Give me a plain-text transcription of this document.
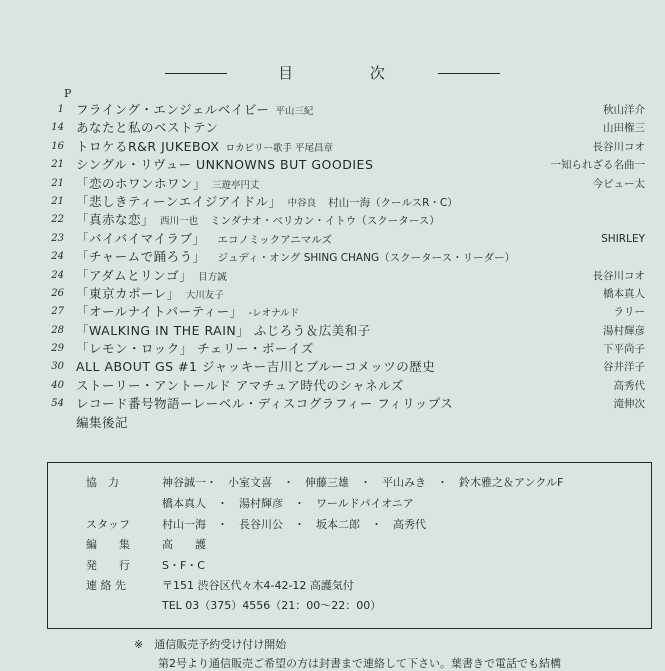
目	次
P
1 フライング・エンジェルベイビー 平山三紀	秋山洋介
14 あなたと私のベストテン	山田権三
16 トロケるR&R JUKEBOX ロカビリー歌手 平尾昌章	長谷川コオ
21 シングル・リヴュー UNKNOWNS BUT GOODIES	一知られざる名曲一
21 「恋のホワンホワン」 三遊亭円丈	今ピュー太
21 「悲しきティーンエイジアイドル」 中谷良 村山一海（クールスR・C）
22 「真赤な恋」 西川一也 ミンダナオ・ベリカン・イトウ（スクータース）
23 「バイバイマイラブ」 エコノミックアニマルズ	SHIRLEY
24 「チャームで踊ろう」 ジュディ・オング SHING CHANG（スクータース・リーダー）
24 「アダムとリンゴ」 目方誠	長谷川コオ
26 「東京カポーレ」 大川友子	橋本真人
27 「オールナイトパーティー」 -レオナルド	ラリー
28 「WALKING IN THE RAIN」 ふじろう＆広美和子	湯村輝彦
29 「レモン・ロック」 チェリー・ボーイズ	下平尚子
30 ALL ABOUT GS #1 ジャッキー吉川とブルーコメッツの歴史	谷井洋子
40 ストーリー・アントールド アマチュア時代のシャネルズ	高秀代
54 レコード番号物語ーレーベル・ディスコグラフィー フィリップス	滝伸次
編集後記
協　力	神谷誠一・　小室文喜　・　伸藤三雄　・　平山みき　・　鈴木雅之＆アンクルF
橋本真人　・　湯村輝彦　・　ワールドパイオニア
スタッフ	村山一海　・　長谷川公　・　坂本二郎　・　高秀代
編　　集	高　　護
発　　行	S・F・C
連 絡 先	〒151 渋谷区代々木4-42-12 高護気付
TEL 03（375）4556（21：00〜22：00）
※　通信販売予約受け付け開始
第2号より通信販売ご希望の方は封書まで連絡して下さい。葉書きで電話でも結構
